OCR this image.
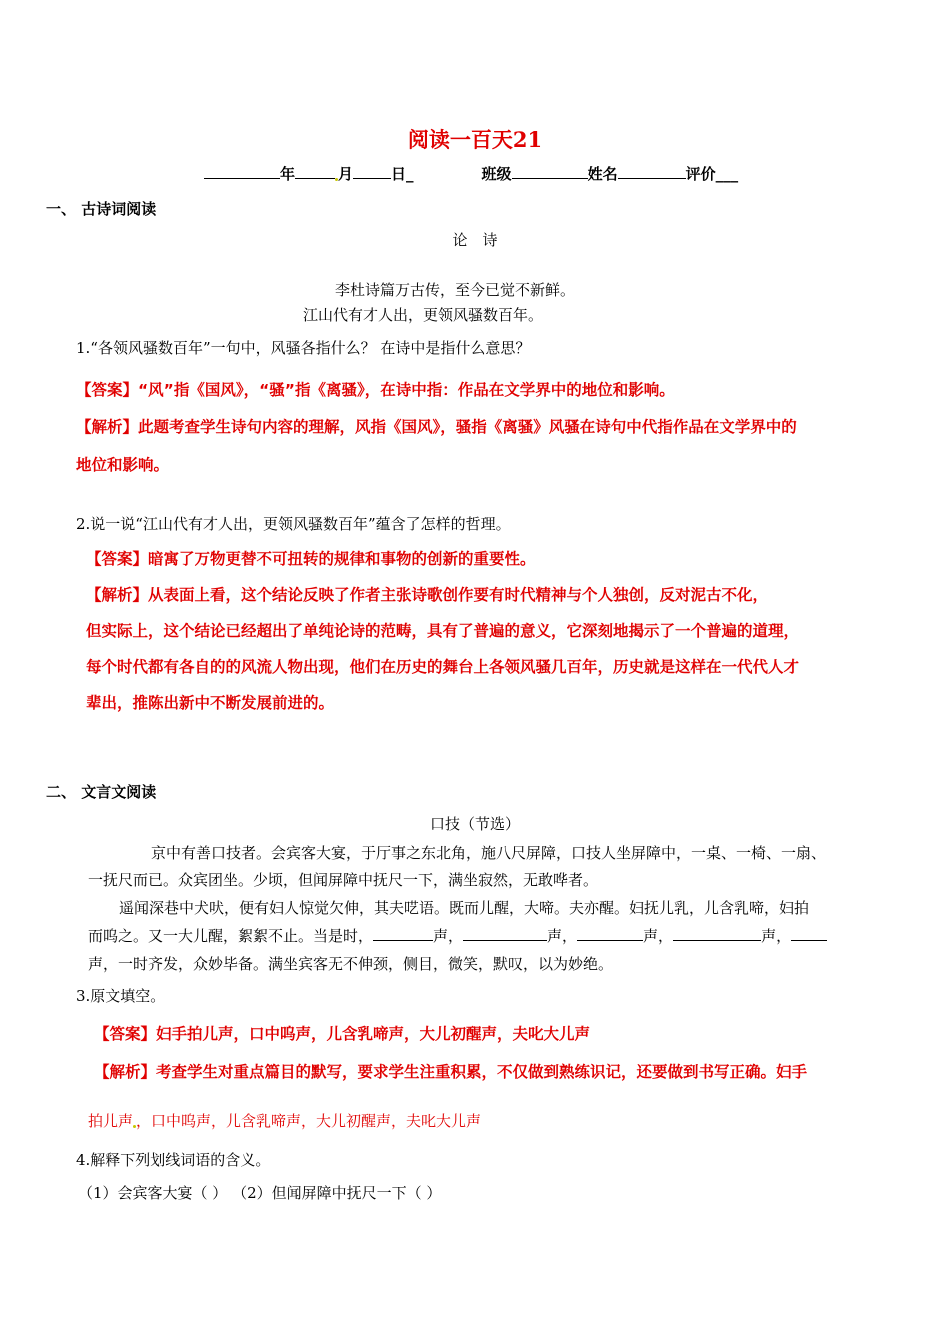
阅读一百天21
年	月	日_	班级	姓名	评价___
一、 古诗词阅读
论　诗
李杜诗篇万古传，至今已觉不新鲜。
江山代有才人出，更领风骚数百年。
1.“各领风骚数百年”一句中，风骚各指什么？ 在诗中是指什么意思？
【答案】“风”指《国风》，“骚”指《离骚》，在诗中指：作品在文学界中的地位和影响。
【解析】此题考查学生诗句内容的理解，风指《国风》，骚指《离骚》风骚在诗句中代指作品在文学界中的
地位和影响。
2.说一说“江山代有才人出，更领风骚数百年”蕴含了怎样的哲理。
【答案】暗寓了万物更替不可扭转的规律和事物的创新的重要性。
【解析】从表面上看，这个结论反映了作者主张诗歌创作要有时代精神与个人独创，反对泥古不化，
但实际上，这个结论已经超出了单纯论诗的范畴，具有了普遍的意义，它深刻地揭示了一个普遍的道理，
每个时代都有各自的的风流人物出现，他们在历史的舞台上各领风骚几百年，历史就是这样在一代代人才
辈出，推陈出新中不断发展前进的。
二、 文言文阅读
口技（节选）
京中有善口技者。会宾客大宴，于厅事之东北角，施八尺屏障，口技人坐屏障中，一桌、一椅、一扇、
一抚尺而已。众宾团坐。少顷，但闻屏障中抚尺一下，满坐寂然，无敢哗者。
遥闻深巷中犬吠，便有妇人惊觉欠伸，其夫呓语。既而儿醒，大啼。夫亦醒。妇抚儿乳，儿含乳啼，妇拍
而呜之。又一大儿醒，絮絮不止。当是时，	声，	声，	声，	声，
声，一时齐发，众妙毕备。满坐宾客无不伸颈，侧目，微笑，默叹，以为妙绝。
3.原文填空。
【答案】妇手拍儿声，口中呜声，儿含乳啼声，大儿初醒声，夫叱大儿声
【解析】考查学生对重点篇目的默写，要求学生注重积累，不仅做到熟练识记，还要做到书写正确。妇手
拍儿声 ，口中呜声，儿含乳啼声，大儿初醒声，夫叱大儿声
4.解释下列划线词语的含义。
（1）会宾客大宴（ ） （2）但闻屏障中抚尺一下（ ）
